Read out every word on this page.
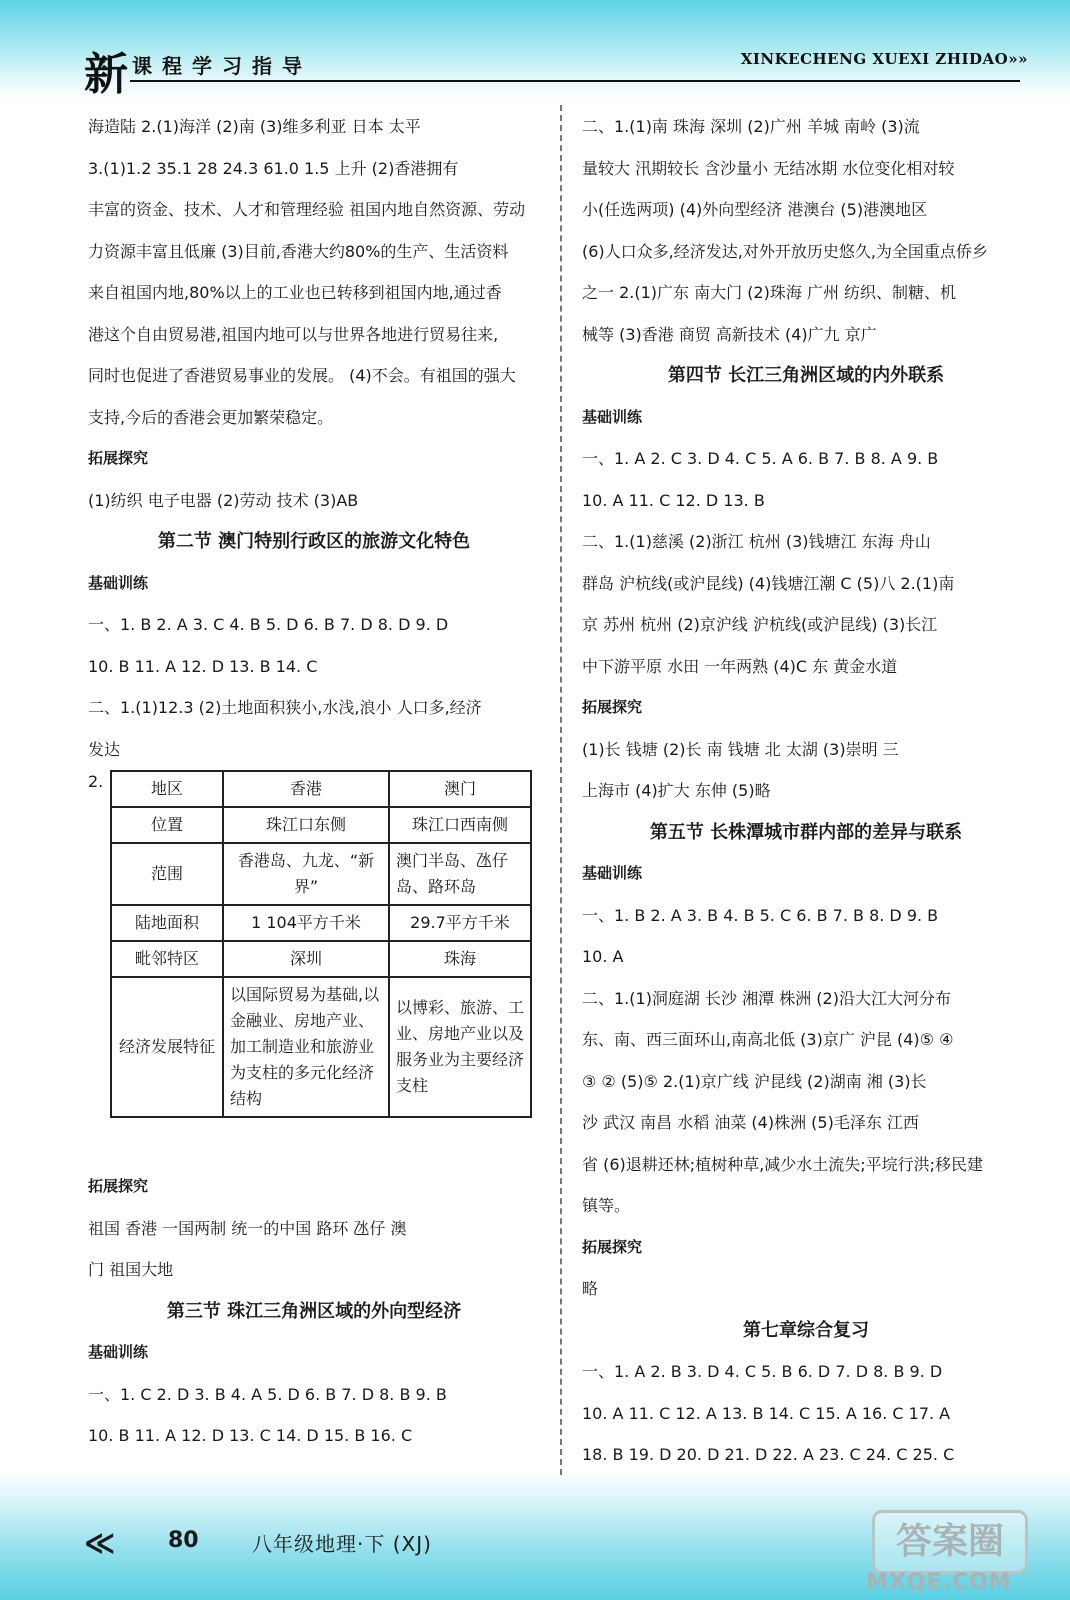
新 课程学习指导	XINKECHENG XUEXI ZHIDAO»»

海造陆 2.(1)海洋 (2)南 (3)维多利亚 日本 太平

3.(1)1.2 35.1 28 24.3 61.0 1.5 上升 (2)香港拥有

丰富的资金、技术、人才和管理经验 祖国内地自然资源、劳动

力资源丰富且低廉 (3)目前,香港大约80%的生产、生活资料

来自祖国内地,80%以上的工业也已转移到祖国内地,通过香

港这个自由贸易港,祖国内地可以与世界各地进行贸易往来,

同时也促进了香港贸易事业的发展。 (4)不会。有祖国的强大

支持,今后的香港会更加繁荣稳定。

拓展探究

(1)纺织 电子电器 (2)劳动 技术 (3)AB

第二节 澳门特别行政区的旅游文化特色

基础训练

一、1. B 2. A 3. C 4. B 5. D 6. B 7. D 8. D 9. D

10. B 11. A 12. D 13. B 14. C

二、1.(1)12.3 (2)土地面积狭小,水浅,浪小 人口多,经济

发达

2.	地区	香港	澳门
位置	珠江口东侧	珠江口西南侧
范围	香港岛、九龙、“新界”	澳门半岛、氹仔岛、路环岛
陆地面积	1 104平方千米	29.7平方千米
毗邻特区	深圳	珠海
经济发展特征	以国际贸易为基础,以金融业、房地产业、加工制造业和旅游业为支柱的多元化经济结构	以博彩、旅游、工业、房地产业以及服务业为主要经济支柱

拓展探究

祖国 香港 一国两制 统一的中国 路环 氹仔 澳

门 祖国大地

第三节 珠江三角洲区域的外向型经济

基础训练

一、1. C 2. D 3. B 4. A 5. D 6. B 7. D 8. B 9. B

10. B 11. A 12. D 13. C 14. D 15. B 16. C

二、1.(1)南 珠海 深圳 (2)广州 羊城 南岭 (3)流

量较大 汛期较长 含沙量小 无结冰期 水位变化相对较

小(任选两项) (4)外向型经济 港澳台 (5)港澳地区

(6)人口众多,经济发达,对外开放历史悠久,为全国重点侨乡

之一 2.(1)广东 南大门 (2)珠海 广州 纺织、制糖、机

械等 (3)香港 商贸 高新技术 (4)广九 京广

第四节 长江三角洲区域的内外联系

基础训练

一、1. A 2. C 3. D 4. C 5. A 6. B 7. B 8. A 9. B

10. A 11. C 12. D 13. B

二、1.(1)慈溪 (2)浙江 杭州 (3)钱塘江 东海 舟山

群岛 沪杭线(或沪昆线) (4)钱塘江潮 C (5)八 2.(1)南

京 苏州 杭州 (2)京沪线 沪杭线(或沪昆线) (3)长江

中下游平原 水田 一年两熟 (4)C 东 黄金水道

拓展探究

(1)长 钱塘 (2)长 南 钱塘 北 太湖 (3)崇明 三

上海市 (4)扩大 东伸 (5)略

第五节 长株潭城市群内部的差异与联系

基础训练

一、1. B 2. A 3. B 4. B 5. C 6. B 7. B 8. D 9. B

10. A

二、1.(1)洞庭湖 长沙 湘潭 株洲 (2)沿大江大河分布

东、南、西三面环山,南高北低 (3)京广 沪昆 (4)⑤ ④

③ ② (5)⑤ 2.(1)京广线 沪昆线 (2)湖南 湘 (3)长

沙 武汉 南昌 水稻 油菜 (4)株洲 (5)毛泽东 江西

省 (6)退耕还林;植树种草,减少水土流失;平垸行洪;移民建

镇等。

拓展探究

略

第七章综合复习

一、1. A 2. B 3. D 4. C 5. B 6. D 7. D 8. B 9. D

10. A 11. C 12. A 13. B 14. C 15. A 16. C 17. A

18. B 19. D 20. D 21. D 22. A 23. C 24. C 25. C

≪ 80	八年级地理·下 (XJ)	答案圈
MXQE.COM
